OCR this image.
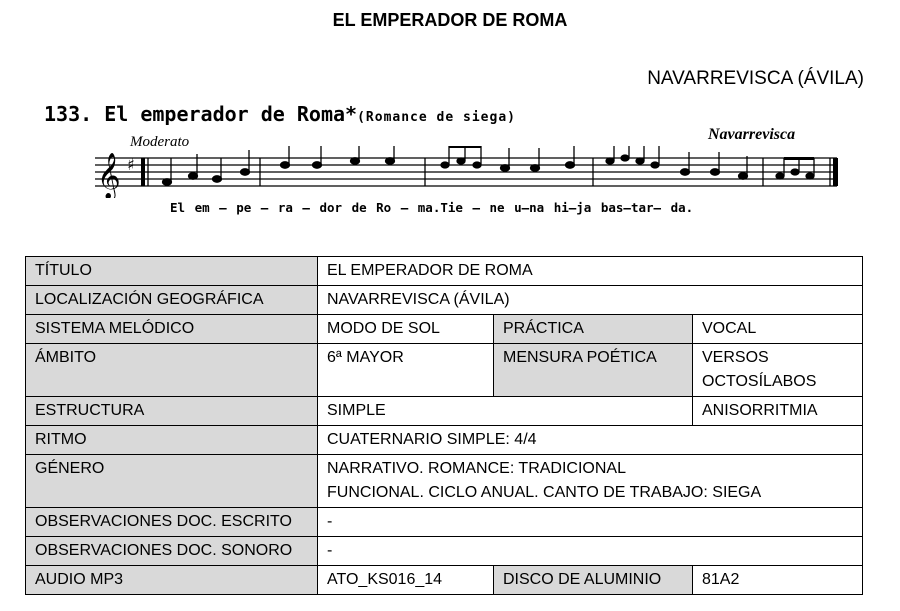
EL EMPERADOR DE ROMA
NAVARREVISCA (ÁVILA)
133. El emperador de Roma*(Romance de siega)
Moderato	Navarrevisca
𝄞 ♯
El em – pe – ra – dor de Ro – ma.Tie – ne u–na hi–ja bas–tar– da.
TÍTULO	EL EMPERADOR DE ROMA		
LOCALIZACIÓN GEOGRÁFICA	NAVARREVISCA (ÁVILA)		
SISTEMA MELÓDICO	MODO DE SOL	PRÁCTICA	VOCAL
ÁMBITO	6ª MAYOR	MENSURA POÉTICA	VERSOS
OCTOSÍLABOS
ESTRUCTURA	SIMPLE		ANISORRITMIA
RITMO	CUATERNARIO SIMPLE: 4/4		
GÉNERO	NARRATIVO. ROMANCE: TRADICIONAL
FUNCIONAL. CICLO ANUAL. CANTO DE TRABAJO: SIEGA		
OBSERVACIONES DOC. ESCRITO	-		
OBSERVACIONES DOC. SONORO	-		
AUDIO MP3	ATO_KS016_14	DISCO DE ALUMINIO	81A2
